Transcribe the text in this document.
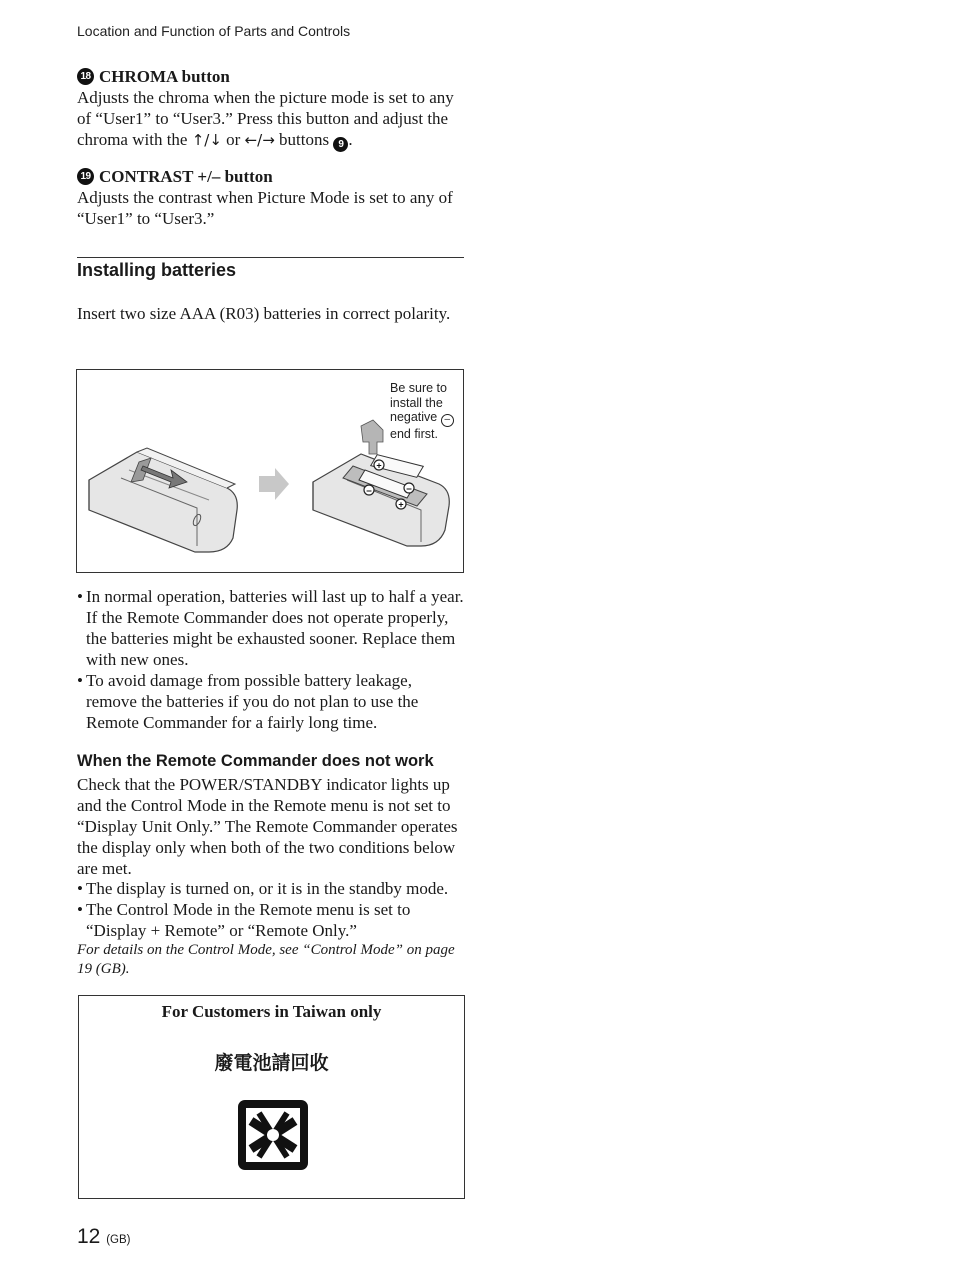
Location and Function of Parts and Controls
18 CHROMA button
Adjusts the chroma when the picture mode is set to any of “User1” to “User3.” Press this button and adjust the chroma with the ↑/↓ or ←/→ buttons 9 .
19 CONTRAST +/– button
Adjusts the contrast when Picture Mode is set to any of “User1” to “User3.”
Installing batteries
Insert two size AAA (R03) batteries in correct polarity.
+
–
–
+
Be sure to
install the
negative –
end first.
• In normal operation, batteries will last up to half a year. If the Remote Commander does not operate properly, the batteries might be exhausted sooner. Replace them with new ones.
• To avoid damage from possible battery leakage, remove the batteries if you do not plan to use the Remote Commander for a fairly long time.
When the Remote Commander does not work
Check that the POWER/STANDBY indicator lights up and the Control Mode in the Remote menu is not set to “Display Unit Only.” The Remote Commander operates the display only when both of the two conditions below are met.
• The display is turned on, or it is in the standby mode.
• The Control Mode in the Remote menu is set to “Display + Remote” or “Remote Only.”
For details on the Control Mode, see “Control Mode” on page 19 (GB).
For Customers in Taiwan only
廢電池請回收
12 (GB)
